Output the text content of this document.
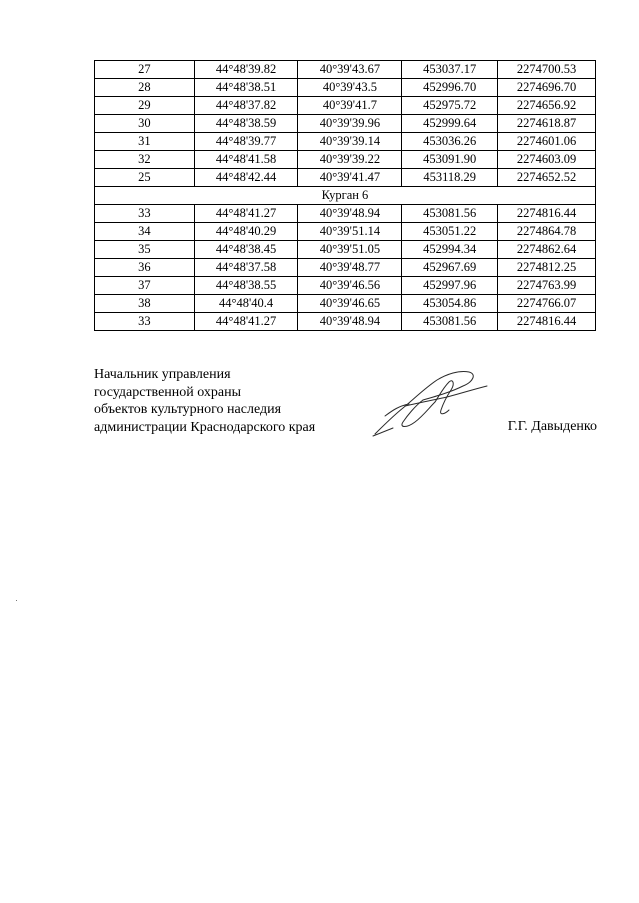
27	44°48'39.82	40°39'43.67	453037.17	2274700.53
28	44°48'38.51	40°39'43.5	452996.70	2274696.70
29	44°48'37.82	40°39'41.7	452975.72	2274656.92
30	44°48'38.59	40°39'39.96	452999.64	2274618.87
31	44°48'39.77	40°39'39.14	453036.26	2274601.06
32	44°48'41.58	40°39'39.22	453091.90	2274603.09
25	44°48'42.44	40°39'41.47	453118.29	2274652.52
Курган 6				
33	44°48'41.27	40°39'48.94	453081.56	2274816.44
34	44°48'40.29	40°39'51.14	453051.22	2274864.78
35	44°48'38.45	40°39'51.05	452994.34	2274862.64
36	44°48'37.58	40°39'48.77	452967.69	2274812.25
37	44°48'38.55	40°39'46.56	452997.96	2274763.99
38	44°48'40.4	40°39'46.65	453054.86	2274766.07
33	44°48'41.27	40°39'48.94	453081.56	2274816.44
Начальник управления
государственной охраны
объектов культурного наследия
администрации Краснодарского края	Г.Г. Давыденко
